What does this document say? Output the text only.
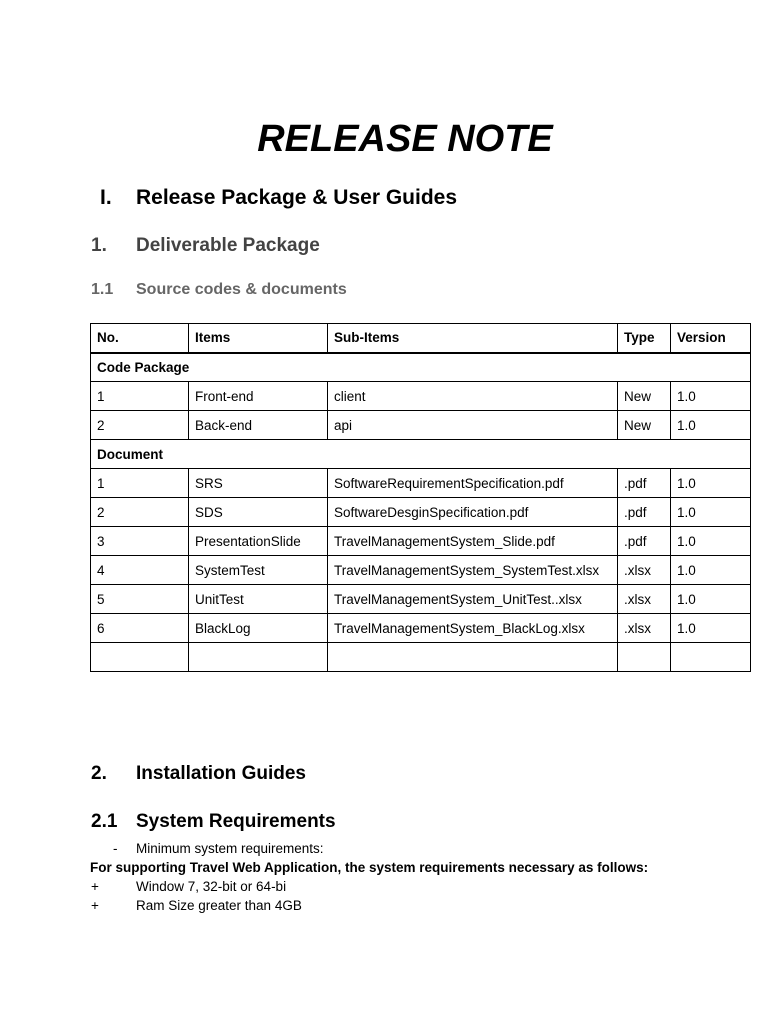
RELEASE NOTE
I. Release Package & User Guides
1. Deliverable Package
1.1 Source codes & documents
No.	Items	Sub-Items	Type	Version
Code Package				
1	Front-end	client	New	1.0
2	Back-end	api	New	1.0
Document				
1	SRS	SoftwareRequirementSpecification.pdf	.pdf	1.0
2	SDS	SoftwareDesginSpecification.pdf	.pdf	1.0
3	PresentationSlide	TravelManagementSystem_Slide.pdf	.pdf	1.0
4	SystemTest	TravelManagementSystem_SystemTest.xlsx	.xlsx	1.0
5	UnitTest	TravelManagementSystem_UnitTest..xlsx	.xlsx	1.0
6	BlackLog	TravelManagementSystem_BlackLog.xlsx	.xlsx	1.0

2. Installation Guides
2.1 System Requirements
- Minimum system requirements:
For supporting Travel Web Application, the system requirements necessary as follows:
+	Window 7, 32-bit or 64-bi
+	Ram Size greater than 4GB
